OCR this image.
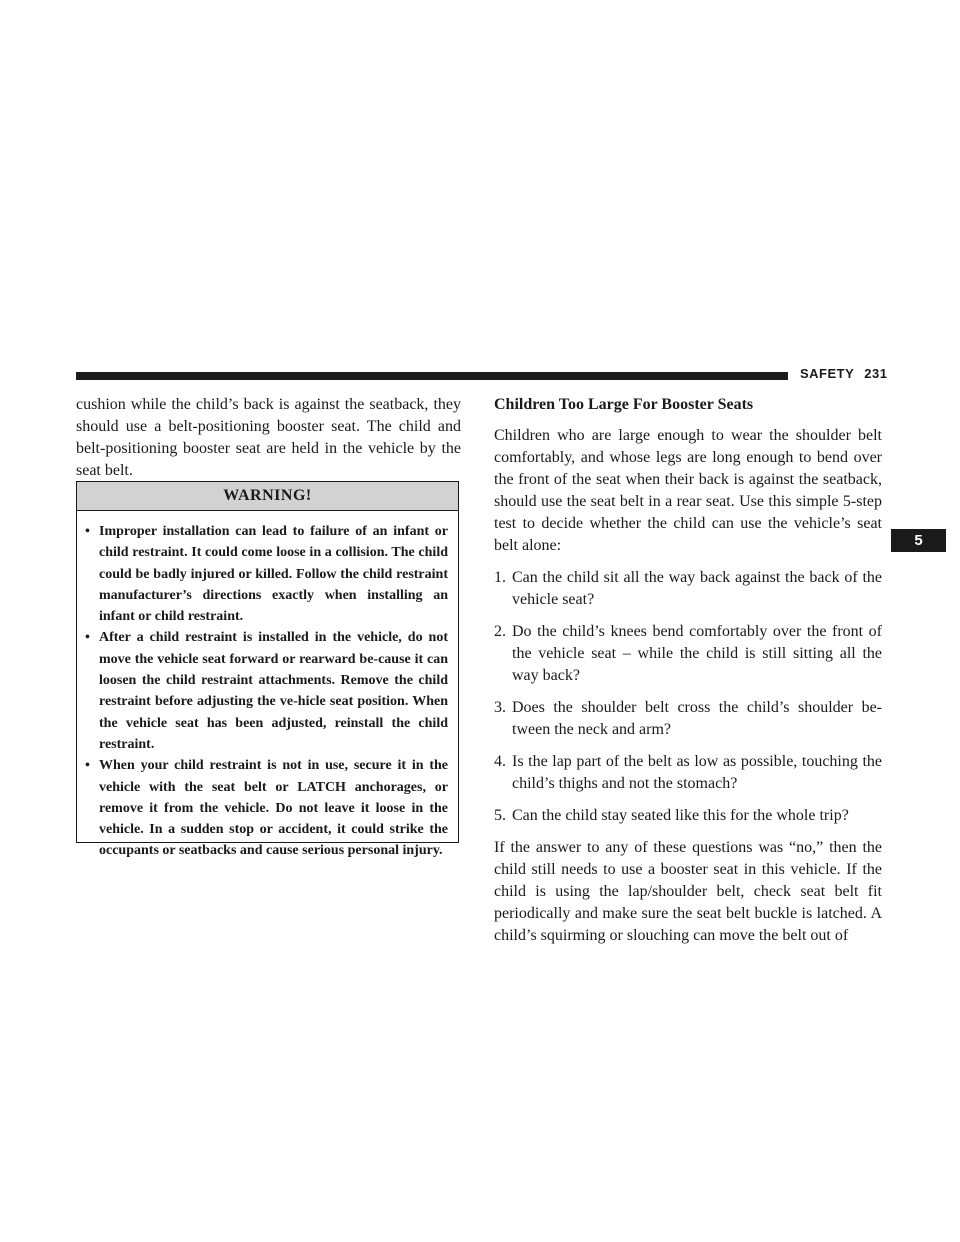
SAFETY 231
5

cushion while the child’s back is against the seatback, they should use a belt-positioning booster seat. The child and belt-positioning booster seat are held in the vehicle by the seat belt.

WARNING!
• Improper installation can lead to failure of an infant or child restraint. It could come loose in a collision. The child could be badly injured or killed. Follow the child restraint manufacturer’s directions exactly when installing an infant or child restraint.
• After a child restraint is installed in the vehicle, do not move the vehicle seat forward or rearward be-cause it can loosen the child restraint attachments. Remove the child restraint before adjusting the ve-hicle seat position. When the vehicle seat has been adjusted, reinstall the child restraint.
• When your child restraint is not in use, secure it in the vehicle with the seat belt or LATCH anchorages, or remove it from the vehicle. Do not leave it loose in the vehicle. In a sudden stop or accident, it could strike the occupants or seatbacks and cause serious personal injury.

Children Too Large For Booster Seats

Children who are large enough to wear the shoulder belt comfortably, and whose legs are long enough to bend over the front of the seat when their back is against the seatback, should use the seat belt in a rear seat. Use this simple 5-step test to decide whether the child can use the vehicle’s seat belt alone:

1. Can the child sit all the way back against the back of the vehicle seat?
2. Do the child’s knees bend comfortably over the front of the vehicle seat – while the child is still sitting all the way back?
3. Does the shoulder belt cross the child’s shoulder be-tween the neck and arm?
4. Is the lap part of the belt as low as possible, touching the child’s thighs and not the stomach?
5. Can the child stay seated like this for the whole trip?

If the answer to any of these questions was “no,” then the child still needs to use a booster seat in this vehicle. If the child is using the lap/shoulder belt, check seat belt fit periodically and make sure the seat belt buckle is latched. A child’s squirming or slouching can move the belt out of
